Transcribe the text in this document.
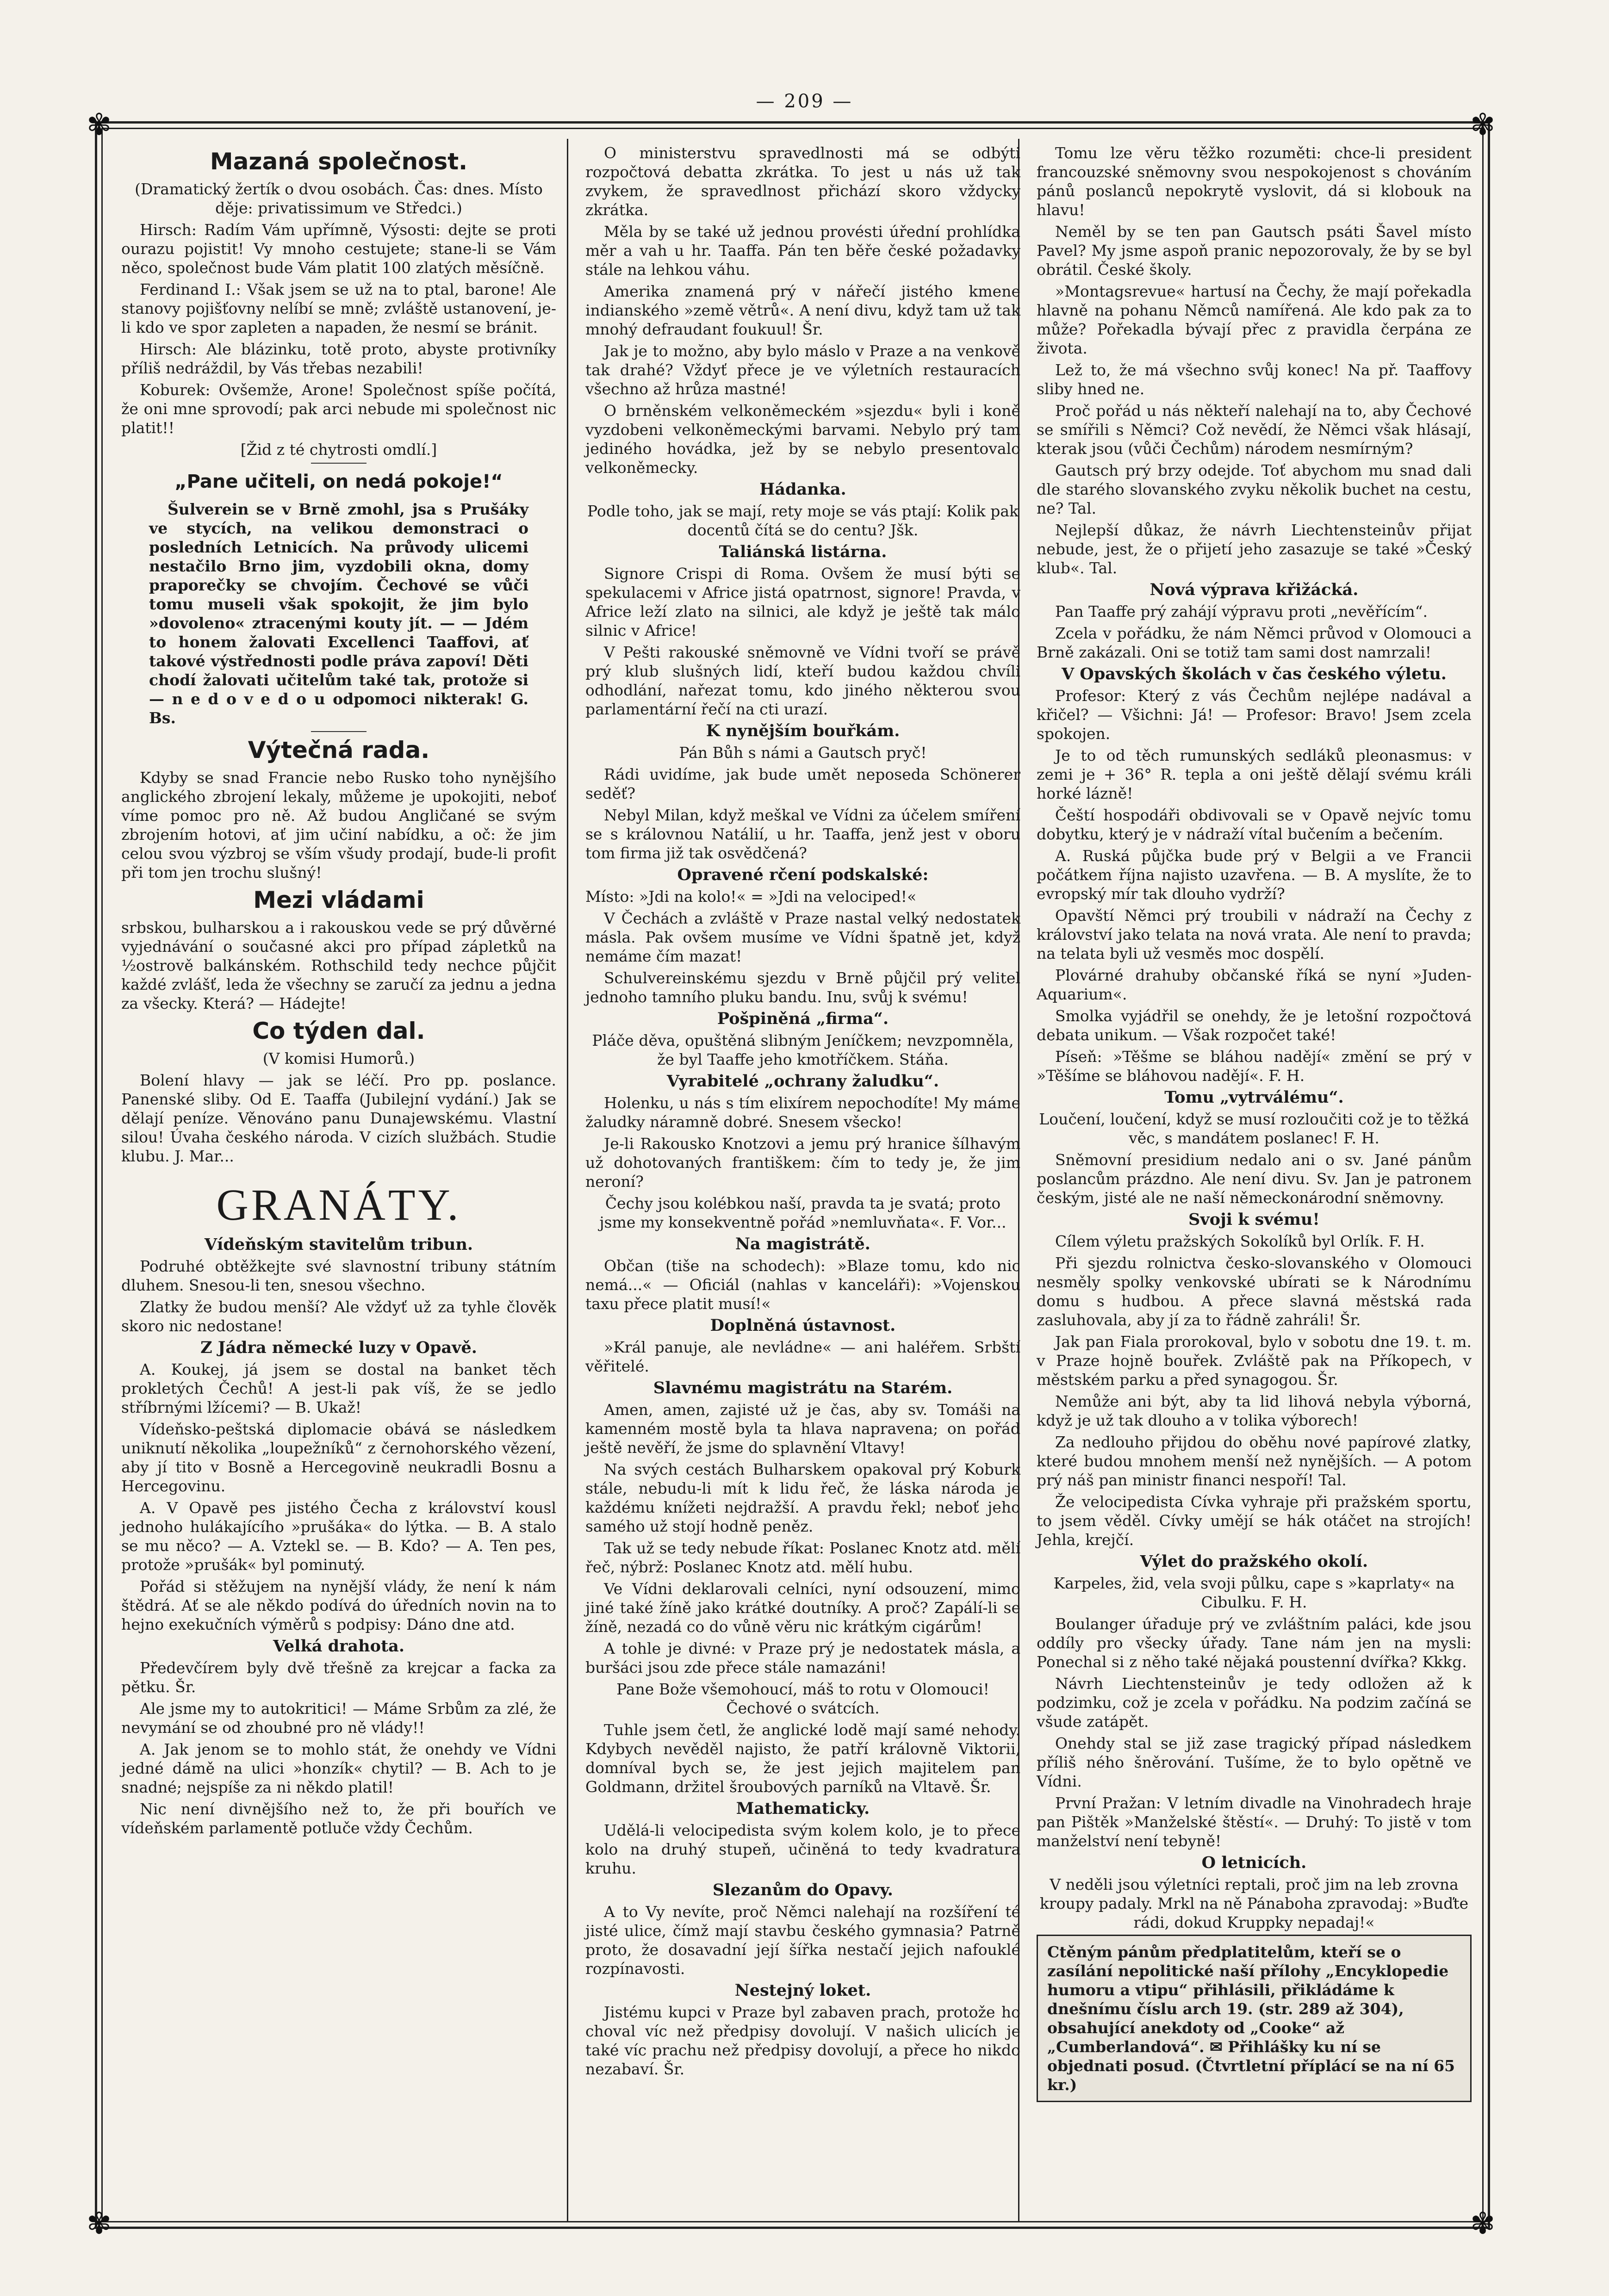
— 209 —
✾	✾
✾	✾
Mazaná společnost.

(Dramatický žertík o dvou osobách. Čas: dnes. Místo děje: privatissimum ve Středci.)

Hirsch: Radím Vám upřímně, Výsosti: dejte se proti ourazu pojistit! Vy mnoho cestujete; stane-li se Vám něco, společnost bude Vám platit 100 zlatých měsíčně.

Ferdinand I.: Však jsem se už na to ptal, barone! Ale stanovy pojišťovny nelíbí se mně; zvláště ustanovení, je-li kdo ve spor zapleten a napaden, že nesmí se bránit.

Hirsch: Ale blázinku, totě proto, abyste protivníky příliš nedráždil, by Vás třebas nezabili!

Koburek: Ovšemže, Arone! Společnost spíše počítá, že oni mne sprovodí; pak arci nebude mi společnost nic platit!!

[Žid z té chytrosti omdlí.]

„Pane učiteli, on nedá pokoje!“

Šulverein se v Brně zmohl, jsa s Prušáky ve stycích, na velikou demonstraci o posledních Letnicích. Na průvody ulicemi nestačilo Brno jim, vyzdobili okna, domy praporečky se chvojím. Čechové se vůči tomu museli však spokojit, že jim bylo »dovoleno« ztracenými kouty jít. — — Jdém to honem žalovati Excellenci Taaffovi, ať takové výstřednosti podle práva zapoví! Děti chodí žalovati učitelům také tak, protože si — n e d o v e d o u odpomoci nikterak! G. Bs.

Výtečná rada.

Kdyby se snad Francie nebo Rusko toho nynějšího anglického zbrojení lekaly, můžeme je upokojiti, neboť víme pomoc pro ně. Až budou Angličané se svým zbrojením hotovi, ať jim učiní nabídku, a oč: že jim celou svou výzbroj se vším všudy prodají, bude-li profit při tom jen trochu slušný!

Mezi vládami

srbskou, bulharskou a i rakouskou vede se prý důvěrné vyjednávání o současné akci pro případ zápletků na ⅟₂ostrově balkánském. Rothschild tedy nechce půjčit každé zvlášť, leda že všechny se zaručí za jednu a jedna za všecky. Která? — Hádejte!

Co týden dal.

(V komisi Humorů.)

Bolení hlavy — jak se léčí. Pro pp. poslance. Panenské sliby. Od E. Taaffa (Jubilejní vydání.) Jak se dělají peníze. Věnováno panu Dunajewskému. Vlastní silou! Úvaha českého národa. V cizích službách. Studie klubu. J. Mar...

GRANÁTY.
Vídeňským stavitelům tribun.

Podruhé obtěžkejte své slavnostní tribuny státním dluhem. Snesou-li ten, snesou všechno.

Zlatky že budou menší? Ale vždyť už za tyhle člověk skoro nic nedostane!

Z Jádra německé luzy v Opavě.

A. Koukej, já jsem se dostal na banket těch prokletých Čechů! A jest-li pak víš, že se jedlo stříbrnými lžícemi? — B. Ukaž!

Vídeňsko-peštská diplomacie obává se následkem uniknutí několika „loupežníků“ z černohorského vězení, aby jí tito v Bosně a Hercegovině neukradli Bosnu a Hercegovinu.

A. V Opavě pes jistého Čecha z království kousl jednoho hulákajícího »prušáka« do lýtka. — B. A stalo se mu něco? — A. Vztekl se. — B. Kdo? — A. Ten pes, protože »prušák« byl pominutý.

Pořád si stěžujem na nynější vlády, že není k nám štědrá. Ať se ale někdo podívá do úředních novin na to hejno exekučních výměrů s podpisy: Dáno dne atd.

Velká drahota.

Předevčírem byly dvě třešně za krejcar a facka za pětku. Šr.

Ale jsme my to autokritici! — Máme Srbům za zlé, že nevymání se od zhoubné pro ně vlády!!

A. Jak jenom se to mohlo stát, že onehdy ve Vídni jedné dámě na ulici »honzík« chytil? — B. Ach to je snadné; nejspíše za ni někdo platil!

Nic není divnějšího než to, že při bouřích ve vídeňském parlamentě potluče vždy Čechům.

O ministerstvu spravedlnosti má se odbýti rozpočtová debatta zkrátka. To jest u nás už tak zvykem, že spravedlnost přichází skoro vždycky zkrátka.

Měla by se také už jednou provésti úřední prohlídka měr a vah u hr. Taaffa. Pán ten běře české požadavky stále na lehkou váhu.

Amerika znamená prý v nářečí jistého kmene indianského »země větrů«. A není divu, když tam už tak mnohý defraudant foukuul! Šr.

Jak je to možno, aby bylo máslo v Praze a na venkově tak drahé? Vždyť přece je ve výletních restauracích všechno až hrůza mastné!

O brněnském velkoněmeckém »sjezdu« byli i koně vyzdobeni velkoněmeckými barvami. Nebylo prý tam jediného hovádka, jež by se nebylo presentovalo velkoněmecky.

Hádanka.

Podle toho, jak se mají, rety moje se vás ptají: Kolik pak docentů čítá se do centu? Jšk.

Taliánská listárna.

Signore Crispi di Roma. Ovšem že musí býti se spekulacemi v Africe jistá opatrnost, signore! Pravda, v Africe leží zlato na silnici, ale když je ještě tak málo silnic v Africe!

V Pešti rakouské sněmovně ve Vídni tvoří se právě prý klub slušných lidí, kteří budou každou chvíli odhodlání, nařezat tomu, kdo jiného některou svou parlamentární řečí na cti urazí.

K nynějším bouřkám.

Pán Bůh s námi a Gautsch pryč!

Rádi uvidíme, jak bude umět neposeda Schönerer seděť?

Nebyl Milan, když meškal ve Vídni za účelem smíření se s královnou Natálií, u hr. Taaffa, jenž jest v oboru tom firma již tak osvědčená?

Opravené rčení podskalské:

Místo: »Jdi na kolo!« = »Jdi na velociped!«

V Čechách a zvláště v Praze nastal velký nedostatek másla. Pak ovšem musíme ve Vídni špatně jet, když nemáme čím mazat!

Schulvereinskému sjezdu v Brně půjčil prý velitel jednoho tamního pluku bandu. Inu, svůj k svému!

Pošpiněná „firma“.

Pláče děva, opuštěná slibným Jeníčkem; nevzpomněla, že byl Taaffe jeho kmotříčkem. Stáňa.

Vyrabitelé „ochrany žaludku“.

Holenku, u nás s tím elixírem nepochodíte! My máme žaludky náramně dobré. Snesem všecko!

Je-li Rakousko Knotzovi a jemu prý hranice šílhavým už dohotovaných františkem: čím to tedy je, že jim neroní?

Čechy jsou kolébkou naší, pravda ta je svatá; proto jsme my konsekventně pořád »nemluvňata«. F. Vor...

Na magistrátě.

Občan (tiše na schodech): »Blaze tomu, kdo nic nemá...« — Oficiál (nahlas v kanceláři): »Vojenskou taxu přece platit musí!«

Doplněná ústavnost.

»Král panuje, ale nevládne« — ani haléřem. Srbští věřitelé.

Slavnému magistrátu na Starém.

Amen, amen, zajisté už je čas, aby sv. Tomáši na kamenném mostě byla ta hlava napravena; on pořád ještě nevěří, že jsme do splavnění Vltavy!

Na svých cestách Bulharskem opakoval prý Koburk stále, nebudu-li mít k lidu řeč, že láska národa je každému knížeti nejdražší. A pravdu řekl; neboť jeho samého už stojí hodně peněz.

Tak už se tedy nebude říkat: Poslanec Knotz atd. mělí řeč, nýbrž: Poslanec Knotz atd. mělí hubu.

Ve Vídni deklarovali celníci, nyní odsouzení, mimo jiné také žíně jako krátké doutníky. A proč? Zapálí-li se žíně, nezadá co do vůně věru nic krátkým cigárům!

A tohle je divné: v Praze prý je nedostatek másla, a buršáci jsou zde přece stále namazáni!

Pane Bože všemohoucí, máš to rotu v Olomouci! Čechové o svátcích.

Tuhle jsem četl, že anglické lodě mají samé nehody. Kdybych nevěděl najisto, že patří královně Viktorii, domníval bych se, že jest jejich majitelem pan Goldmann, držitel šroubových parníků na Vltavě. Šr.

Mathematicky.

Udělá-li velocipedista svým kolem kolo, je to přece kolo na druhý stupeň, učiněná to tedy kvadratura kruhu.

Slezanům do Opavy.

A to Vy nevíte, proč Němci nalehají na rozšíření té jisté ulice, čímž mají stavbu českého gymnasia? Patrně proto, že dosavadní její šířka nestačí jejich nafouklé rozpínavosti.

Nestejný loket.

Jistému kupci v Praze byl zabaven prach, protože ho choval víc než předpisy dovolují. V našich ulicích je také víc prachu než předpisy dovolují, a přece ho nikdo nezabaví. Šr.

Tomu lze věru těžko rozuměti: chce-li president francouzské sněmovny svou nespokojenost s chováním pánů poslanců nepokrytě vyslovit, dá si klobouk na hlavu!

Neměl by se ten pan Gautsch psáti Šavel místo Pavel? My jsme aspoň pranic nepozorovaly, že by se byl obrátil. České školy.

»Montagsrevue« hartusí na Čechy, že mají pořekadla hlavně na pohanu Němců namířená. Ale kdo pak za to může? Pořekadla bývají přec z pravidla čerpána ze života.

Lež to, že má všechno svůj konec! Na př. Taaffovy sliby hned ne.

Proč pořád u nás někteří nalehají na to, aby Čechové se smířili s Němci? Což nevědí, že Němci však hlásají, kterak jsou (vůči Čechům) národem nesmírným?

Gautsch prý brzy odejde. Toť abychom mu snad dali dle starého slovanského zvyku několik buchet na cestu, ne? Tal.

Nejlepší důkaz, že návrh Liechtensteinův přijat nebude, jest, že o přijetí jeho zasazuje se také »Český klub«. Tal.

Nová výprava křižácká.

Pan Taaffe prý zahájí výpravu proti „nevěřícím“.

Zcela v pořádku, že nám Němci průvod v Olomouci a Brně zakázali. Oni se totiž tam sami dost namrzali!

V Opavských školách v čas českého výletu.

Profesor: Který z vás Čechům nejlépe nadával a křičel? — Všichni: Já! — Profesor: Bravo! Jsem zcela spokojen.

Je to od těch rumunských sedláků pleonasmus: v zemi je + 36° R. tepla a oni ještě dělají svému králi horké lázně!

Čeští hospodáři obdivovali se v Opavě nejvíc tomu dobytku, který je v nádraží vítal bučením a bečením.

A. Ruská půjčka bude prý v Belgii a ve Francii počátkem října najisto uzavřena. — B. A myslíte, že to evropský mír tak dlouho vydrží?

Opavští Němci prý troubili v nádraží na Čechy z království jako telata na nová vrata. Ale není to pravda; na telata byli už vesměs moc dospělí.

Plovárné drahuby občanské říká se nyní »Juden-Aquarium«.

Smolka vyjádřil se onehdy, že je letošní rozpočtová debata unikum. — Však rozpočet také!

Píseň: »Těšme se bláhou nadějí« změní se prý v »Těšíme se bláhovou nadějí«. F. H.

Tomu „vytrválému“.

Loučení, loučení, když se musí rozloučiti což je to těžká věc, s mandátem poslanec! F. H.

Sněmovní presidium nedalo ani o sv. Jané pánům poslancům prázdno. Ale není divu. Sv. Jan je patronem českým, jisté ale ne naší německonárodní sněmovny.

Svoji k svému!

Cílem výletu pražských Sokolíků byl Orlík. F. H.

Při sjezdu rolnictva česko-slovanského v Olomouci nesměly spolky venkovské ubírati se k Národnímu domu s hudbou. A přece slavná městská rada zasluhovala, aby jí za to řádně zahráli! Šr.

Jak pan Fiala prorokoval, bylo v sobotu dne 19. t. m. v Praze hojně bouřek. Zvláště pak na Příkopech, v městském parku a před synagogou. Šr.

Nemůže ani být, aby ta lid lihová nebyla výborná, když je už tak dlouho a v tolika výborech!

Za nedlouho přijdou do oběhu nové papírové zlatky, které budou mnohem menší než nynějších. — A potom prý náš pan ministr financi nespoří! Tal.

Že velocipedista Cívka vyhraje při pražském sportu, to jsem věděl. Cívky umějí se hák otáčet na strojích! Jehla, krejčí.

Výlet do pražského okolí.

Karpeles, žid, vela svoji půlku, cape s »kaprlaty« na Cibulku. F. H.

Boulanger úřaduje prý ve zvláštním paláci, kde jsou oddíly pro všecky úřady. Tane nám jen na mysli: Ponechal si z něho také nějaká poustenní dvířka? Kkkg.

Návrh Liechtensteinův je tedy odložen až k podzimku, což je zcela v pořádku. Na podzim začíná se všude zatápět.

Onehdy stal se již zase tragický případ následkem příliš ného šněrování. Tušíme, že to bylo opětně ve Vídni.

První Pražan: V letním divadle na Vinohradech hraje pan Pištěk »Manželské štěstí«. — Druhý: To jistě v tom manželství není tebyně!

O letnicích.

V neděli jsou výletníci reptali, proč jim na leb zrovna kroupy padaly. Mrkl na ně Pánaboha zpravodaj: »Buďte rádi, dokud Kruppky nepadaj!«

Ctěným pánům předplatitelům, kteří se o zasílání nepolitické naší přílohy „Encyklopedie humoru a vtipu“ přihlásili, přikládáme k dnešnímu číslu arch 19. (str. 289 až 304), obsahující anekdoty od „Cooke“ až „Cumberlandová“. ✉ Přihlášky ku ní se objednati posud. (Čtvrtletní příplácí se na ní 65 kr.)
